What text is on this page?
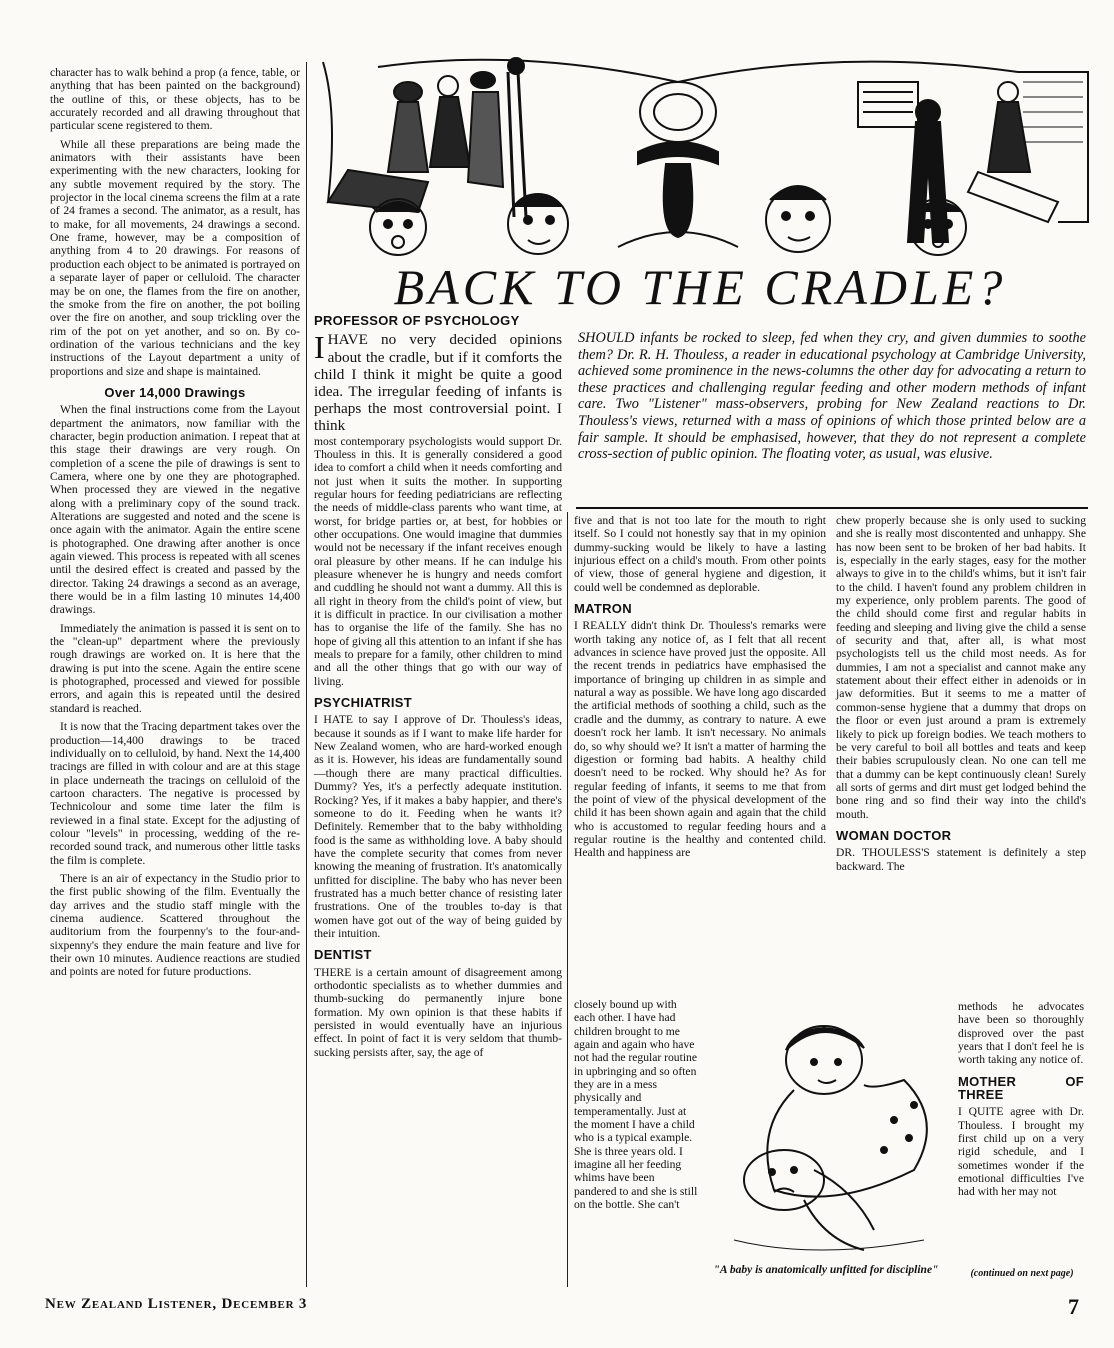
character has to walk behind a prop (a fence, table, or anything that has been painted on the background) the outline of this, or these objects, has to be accurately recorded and all drawing throughout that particular scene registered to them.

While all these preparations are being made the animators with their assistants have been experimenting with the new characters, looking for any subtle movement required by the story. The projector in the local cinema screens the film at a rate of 24 frames a second. The animator, as a result, has to make, for all movements, 24 drawings a second. One frame, however, may be a composition of anything from 4 to 20 drawings. For reasons of production each object to be animated is portrayed on a separate layer of paper or celluloid. The character may be on one, the flames from the fire on another, the smoke from the fire on another, the pot boiling over the fire on another, and soup trickling over the rim of the pot on yet another, and so on. By co-ordination of the various technicians and the key instructions of the Layout department a unity of proportions and size and shape is maintained.

Over 14,000 Drawings

When the final instructions come from the Layout department the animators, now familiar with the character, begin production animation. I repeat that at this stage their drawings are very rough. On completion of a scene the pile of drawings is sent to Camera, where one by one they are photographed. When processed they are viewed in the negative along with a preliminary copy of the sound track. Alterations are suggested and noted and the scene is once again with the animator. Again the entire scene is photographed. One drawing after another is once again viewed. This process is repeated with all scenes until the desired effect is created and passed by the director. Taking 24 drawings a second as an average, there would be in a film lasting 10 minutes 14,400 drawings.

Immediately the animation is passed it is sent on to the "clean-up" department where the previously rough drawings are worked on. It is here that the drawing is put into the scene. Again the entire scene is photographed, processed and viewed for possible errors, and again this is repeated until the desired standard is reached.

It is now that the Tracing department takes over the production—14,400 drawings to be traced individually on to celluloid, by hand. Next the 14,400 tracings are filled in with colour and are at this stage in place underneath the tracings on celluloid of the cartoon characters. The negative is processed by Technicolour and some time later the film is reviewed in a final state. Except for the adjusting of colour "levels" in processing, wedding of the re-recorded sound track, and numerous other little tasks the film is complete.

There is an air of expectancy in the Studio prior to the first public showing of the film. Eventually the day arrives and the studio staff mingle with the cinema audience. Scattered throughout the auditorium from the fourpenny's to the four-and-sixpenny's they endure the main feature and live for their own 10 minutes. Audience reactions are studied and points are noted for future productions.

BACK TO THE CRADLE?
PROFESSOR OF PSYCHOLOGY

IHAVE no very decided opinions about the cradle, but if it comforts the child I think it might be quite a good idea. The irregular feeding of infants is perhaps the most controversial point. I think

most contemporary psychologists would support Dr. Thouless in this. It is generally considered a good idea to comfort a child when it needs comforting and not just when it suits the mother. In supporting regular hours for feeding pediatricians are reflecting the needs of middle-class parents who want time, at worst, for bridge parties or, at best, for hobbies or other occupations. One would imagine that dummies would not be necessary if the infant receives enough oral pleasure by other means. If he can indulge his pleasure whenever he is hungry and needs comfort and cuddling he should not want a dummy. All this is all right in theory from the child's point of view, but it is difficult in practice. In our civilisation a mother has to organise the life of the family. She has no hope of giving all this attention to an infant if she has meals to prepare for a family, other children to mind and all the other things that go with our way of living.

PSYCHIATRIST

I HATE to say I approve of Dr. Thouless's ideas, because it sounds as if I want to make life harder for New Zealand women, who are hard-worked enough as it is. However, his ideas are fundamentally sound—though there are many practical difficulties. Dummy? Yes, it's a perfectly adequate institution. Rocking? Yes, if it makes a baby happier, and there's someone to do it. Feeding when he wants it? Definitely. Remember that to the baby withholding food is the same as withholding love. A baby should have the complete security that comes from never knowing the meaning of frustration. It's anatomically unfitted for discipline. The baby who has never been frustrated has a much better chance of resisting later frustrations. One of the troubles to-day is that women have got out of the way of being guided by their intuition.

DENTIST

THERE is a certain amount of disagreement among orthodontic specialists as to whether dummies and thumb-sucking do permanently injure bone formation. My own opinion is that these habits if persisted in would eventually have an injurious effect. In point of fact it is very seldom that thumb-sucking persists after, say, the age of

SHOULD infants be rocked to sleep, fed when they cry, and given dummies to soothe them? Dr. R. H. Thouless, a reader in educational psychology at Cambridge University, achieved some prominence in the news-columns the other day for advocating a return to these practices and challenging regular feeding and other modern methods of infant care. Two "Listener" mass-observers, probing for New Zealand reactions to Dr. Thouless's views, returned with a mass of opinions of which those printed below are a fair sample. It should be emphasised, however, that they do not represent a complete cross-section of public opinion. The floating voter, as usual, was elusive.

five and that is not too late for the mouth to right itself. So I could not honestly say that in my opinion dummy-sucking would be likely to have a lasting injurious effect on a child's mouth. From other points of view, those of general hygiene and digestion, it could well be condemned as deplorable.

MATRON

I REALLY didn't think Dr. Thouless's remarks were worth taking any notice of, as I felt that all recent advances in science have proved just the opposite. All the recent trends in pediatrics have emphasised the importance of bringing up children in as simple and natural a way as possible. We have long ago discarded the artificial methods of soothing a child, such as the cradle and the dummy, as contrary to nature. A ewe doesn't rock her lamb. It isn't necessary. No animals do, so why should we? It isn't a matter of harming the digestion or forming bad habits. A healthy child doesn't need to be rocked. Why should he? As for regular feeding of infants, it seems to me that from the point of view of the physical development of the child it has been shown again and again that the child who is accustomed to regular feeding hours and a regular routine is the healthy and contented child. Health and happiness are

closely bound up with each other. I have had children brought to me again and again who have not had the regular routine in upbringing and so often they are in a mess physically and temperamentally. Just at the moment I have a child who is a typical example. She is three years old. I imagine all her feeding whims have been pandered to and she is still on the bottle. She can't

chew properly because she is only used to sucking and she is really most discontented and unhappy. She has now been sent to be broken of her bad habits. It is, especially in the early stages, easy for the mother always to give in to the child's whims, but it isn't fair to the child. I haven't found any problem children in my experience, only problem parents. The good of the child should come first and regular habits in feeding and sleeping and living give the child a sense of security and that, after all, is what most psychologists tell us the child most needs. As for dummies, I am not a specialist and cannot make any statement about their effect either in adenoids or in jaw deformities. But it seems to me a matter of common-sense hygiene that a dummy that drops on the floor or even just around a pram is extremely likely to pick up foreign bodies. We teach mothers to be very careful to boil all bottles and teats and keep their babies scrupulously clean. No one can tell me that a dummy can be kept continuously clean! Surely all sorts of germs and dirt must get lodged behind the bone ring and so find their way into the child's mouth.

WOMAN DOCTOR

DR. THOULESS'S statement is definitely a step backward. The

methods he advocates have been so thoroughly disproved over the past years that I don't feel he is worth taking any notice of.

MOTHER OF THREE

I QUITE agree with Dr. Thouless. I brought my first child up on a very rigid schedule, and I sometimes wonder if the emotional difficulties I've had with her may not

"A baby is anatomically unfitted for discipline"	(continued on next page)
New Zealand Listener, December 3	7
